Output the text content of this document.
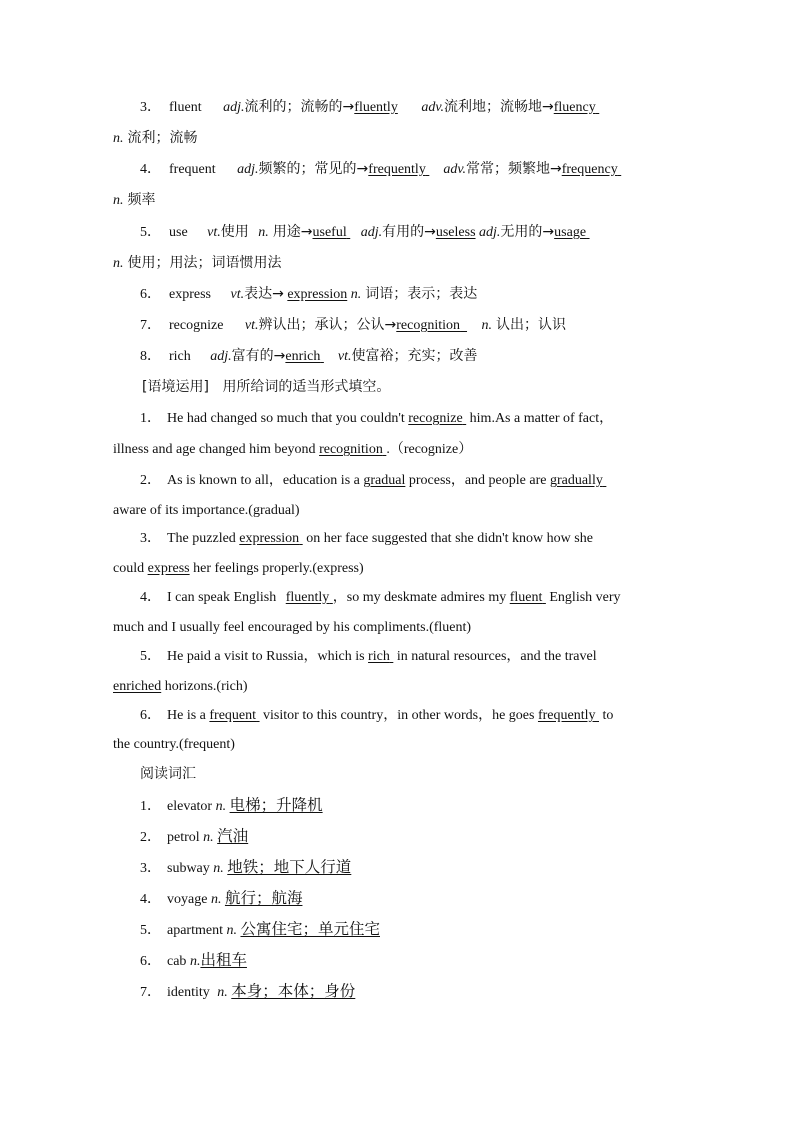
3． fluent adj.流利的；流畅的→fluently adv.流利地；流畅地→fluency
n. 流利；流畅
4． frequent adj.频繁的；常见的→frequently adv.常常；频繁地→frequency
n. 频率
5． use vt.使用 n. 用途→useful adj.有用的→useless adj.无用的→usage
n. 使用；用法；词语惯用法
6． express vt.表达→ expression n. 词语；表示；表达
7． recognize vt.辨认出；承认；公认→recognition n. 认出；认识
8． rich adj.富有的→enrich vt.使富裕；充实；改善
[语境运用] 用所给词的适当形式填空。
1． He had changed so much that you couldn't recognize him.As a matter of fact，
illness and age changed him beyond recognition .（recognize）
2． As is known to all，education is a gradual process，and people are gradually
aware of its importance.(gradual)
3． The puzzled expression on her face suggested that she didn't know how she
could express her feelings properly.(express)
4． I can speak English fluently ，so my deskmate admires my fluent English very
much and I usually feel encouraged by his compliments.(fluent)
5． He paid a visit to Russia，which is rich in natural resources，and the travel
enriched horizons.(rich)
6． He is a frequent visitor to this country，in other words，he goes frequently to
the country.(frequent)
阅读词汇
1． elevator n. 电梯；升降机
2． petrol n. 汽油
3． subway n. 地铁；地下人行道
4． voyage n. 航行；航海
5． apartment n. 公寓住宅；单元住宅
6． cab n.出租车
7． identity n. 本身；本体；身份
